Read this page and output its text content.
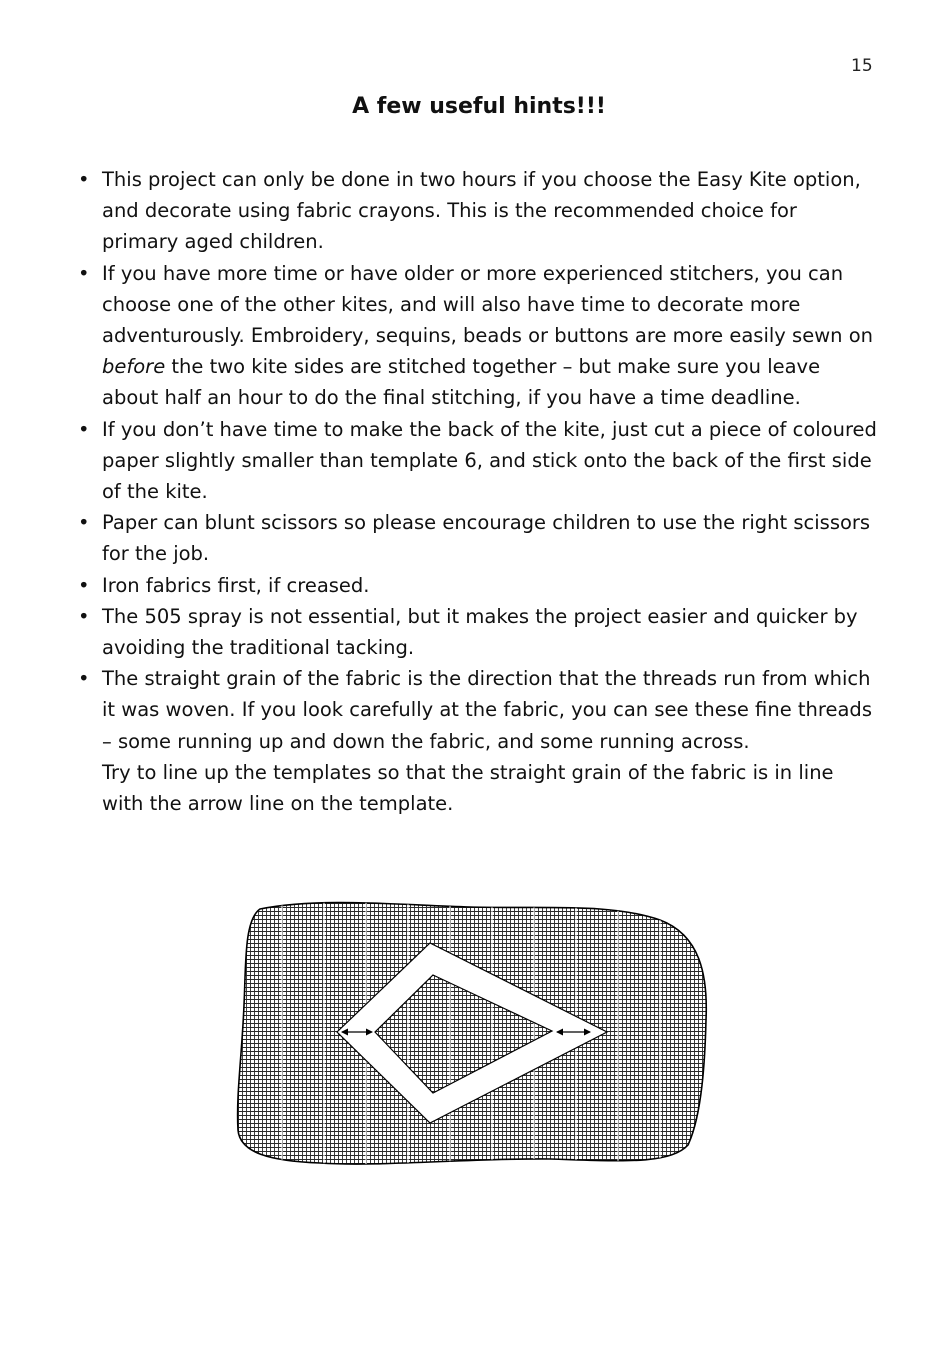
15
A few useful hints!!!
• This project can only be done in two hours if you choose the Easy Kite option, and decorate using fabric crayons. This is the recommended choice for primary aged children.
• If you have more time or have older or more experienced stitchers, you can choose one of the other kites, and will also have time to decorate more adventurously. Embroidery, sequins, beads or buttons are more easily sewn on before the two kite sides are stitched together – but make sure you leave about half an hour to do the final stitching, if you have a time deadline.
• If you don’t have time to make the back of the kite, just cut a piece of coloured paper slightly smaller than template 6, and stick onto the back of the first side of the kite.
• Paper can blunt scissors so please encourage children to use the right scissors for the job.
• Iron fabrics first, if creased.
• The 505 spray is not essential, but it makes the project easier and quicker by avoiding the traditional tacking.
• The straight grain of the fabric is the direction that the threads run from which it was woven. If you look carefully at the fabric, you can see these fine threads – some running up and down the fabric, and some running across.
Try to line up the templates so that the straight grain of the fabric is in line with the arrow line on the template.
